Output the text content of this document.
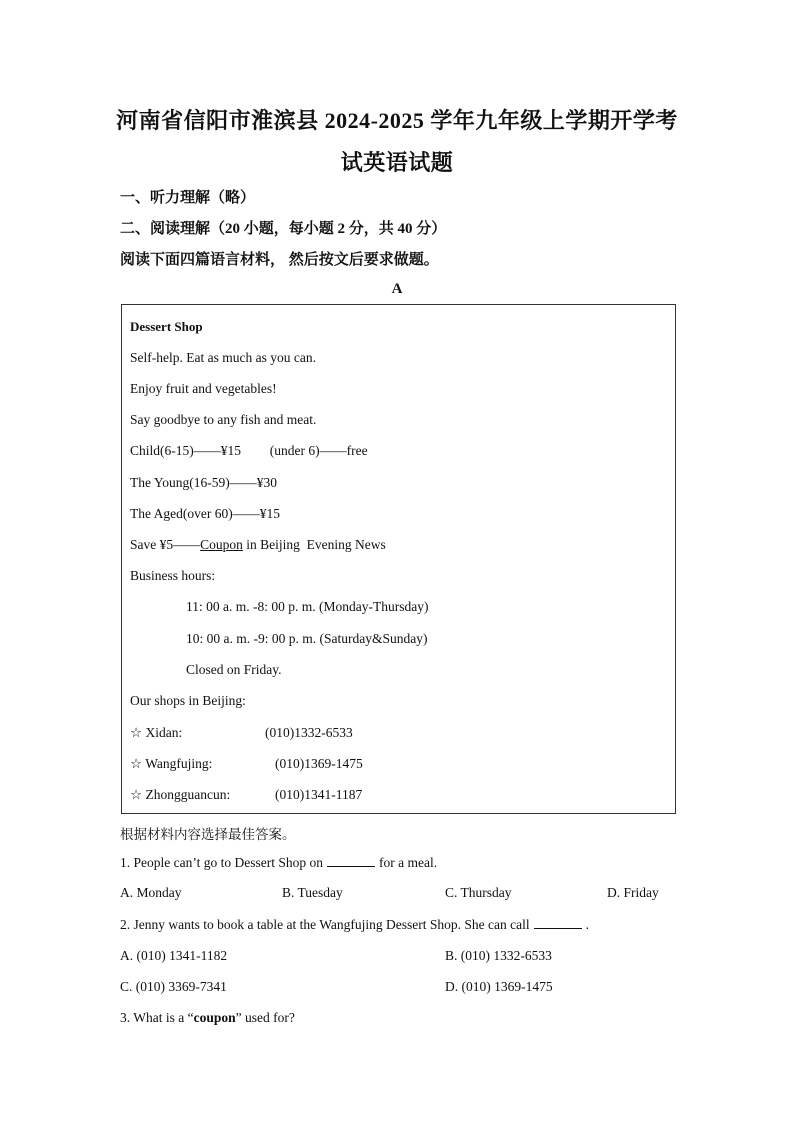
河南省信阳市淮滨县 2024-2025 学年九年级上学期开学考
试英语试题
一、听力理解（略）
二、阅读理解（20 小题，每小题 2 分，共 40 分）
阅读下面四篇语言材料， 然后按文后要求做题。
A
Dessert Shop
Self-help. Eat as much as you can.
Enjoy fruit and vegetables!
Say goodbye to any fish and meat.
Child(6-15)——¥15 (under 6)——free
The Young(16-59)——¥30
The Aged(over 60)——¥15
Save ¥5——Coupon in Beijing  Evening News
Business hours:
11: 00 a. m. -8: 00 p. m. (Monday-Thursday)
10: 00 a. m. -9: 00 p. m. (Saturday&Sunday)
Closed on Friday.
Our shops in Beijing:
☆ Xidan:	(010)1332-6533
☆ Wangfujing:	(010)1369-1475
☆ Zhongguancun:	(010)1341-1187
根据材料内容选择最佳答案。
1. People can’t go to Dessert Shop on	for a meal.
A. Monday	B. Tuesday	C. Thursday	D. Friday
2. Jenny wants to book a table at the Wangfujing Dessert Shop. She can call	.
A. (010) 1341-1182	B. (010) 1332-6533
C. (010) 3369-7341	D. (010) 1369-1475
3. What is a “coupon” used for?
